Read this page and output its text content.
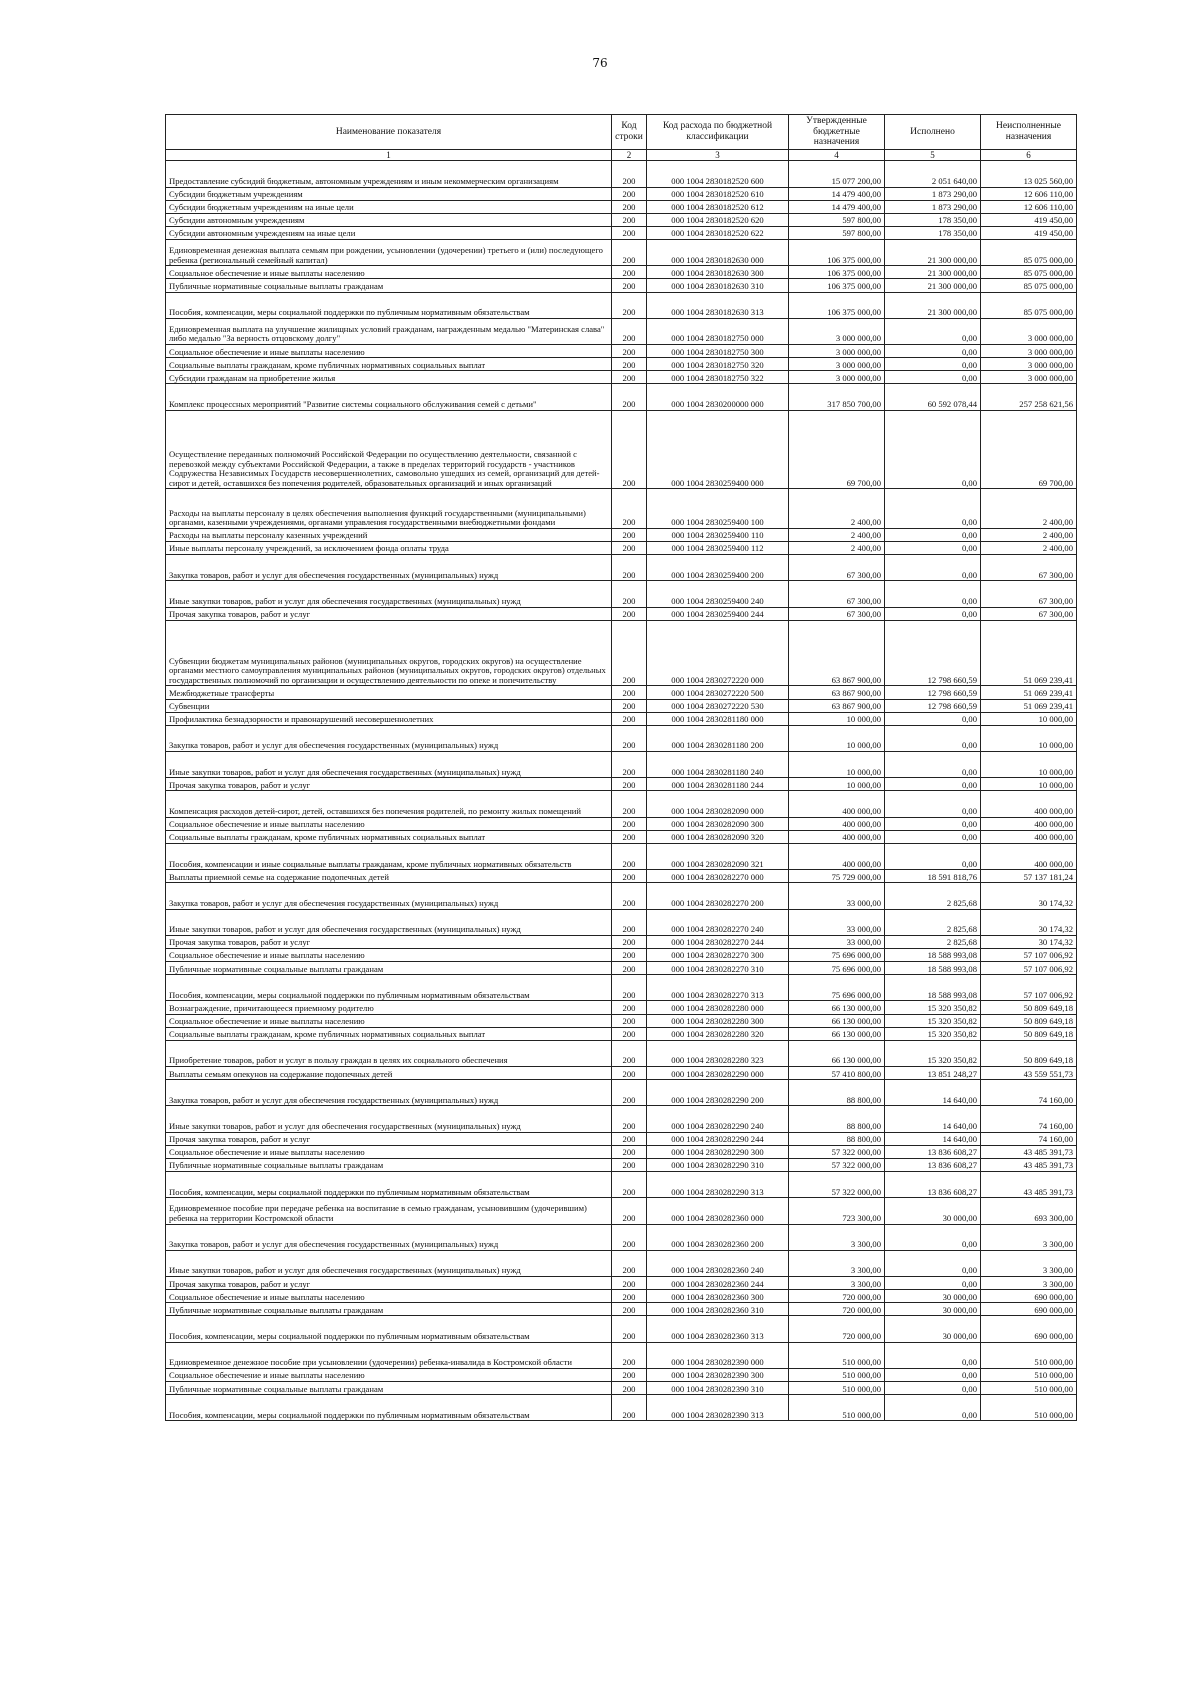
76
Наименование показателя	Код строки	Код расхода по бюджетной классификации	Утвержденные бюджетные назначения	Исполнено	Неисполненные назначения
1	2	3	4	5	6
Предоставление субсидий бюджетным, автономным учреждениям и иным некоммерческим организациям	200	000 1004 2830182520 600	15 077 200,00	2 051 640,00	13 025 560,00
Субсидии бюджетным учреждениям	200	000 1004 2830182520 610	14 479 400,00	1 873 290,00	12 606 110,00
Субсидии бюджетным учреждениям на иные цели	200	000 1004 2830182520 612	14 479 400,00	1 873 290,00	12 606 110,00
Субсидии автономным учреждениям	200	000 1004 2830182520 620	597 800,00	178 350,00	419 450,00
Субсидии автономным учреждениям на иные цели	200	000 1004 2830182520 622	597 800,00	178 350,00	419 450,00
Единовременная денежная выплата семьям при рождении, усыновлении (удочерении) третьего и (или) последующего ребенка (региональный семейный капитал)	200	000 1004 2830182630 000	106 375 000,00	21 300 000,00	85 075 000,00
Социальное обеспечение и иные выплаты населению	200	000 1004 2830182630 300	106 375 000,00	21 300 000,00	85 075 000,00
Публичные нормативные социальные выплаты гражданам	200	000 1004 2830182630 310	106 375 000,00	21 300 000,00	85 075 000,00
Пособия, компенсации, меры социальной поддержки по публичным нормативным обязательствам	200	000 1004 2830182630 313	106 375 000,00	21 300 000,00	85 075 000,00
Единовременная выплата на улучшение жилищных условий гражданам, награжденным медалью "Материнская слава" либо медалью "За верность отцовскому долгу"	200	000 1004 2830182750 000	3 000 000,00	0,00	3 000 000,00
Социальное обеспечение и иные выплаты населению	200	000 1004 2830182750 300	3 000 000,00	0,00	3 000 000,00
Социальные выплаты гражданам, кроме публичных нормативных социальных выплат	200	000 1004 2830182750 320	3 000 000,00	0,00	3 000 000,00
Субсидии гражданам на приобретение жилья	200	000 1004 2830182750 322	3 000 000,00	0,00	3 000 000,00
Комплекс процессных мероприятий "Развитие системы социального обслуживания семей с детьми"	200	000 1004 2830200000 000	317 850 700,00	60 592 078,44	257 258 621,56
Осуществление переданных полномочий Российской Федерации по осуществлению деятельности, связанной с перевозкой между субъектами Российской Федерации, а также в пределах территорий государств - участников Содружества Независимых Государств несовершеннолетних, самовольно ушедших из семей, организаций для детей-сирот и детей, оставшихся без попечения родителей, образовательных организаций и иных организаций	200	000 1004 2830259400 000	69 700,00	0,00	69 700,00
Расходы на выплаты персоналу в целях обеспечения выполнения функций государственными (муниципальными) органами, казенными учреждениями, органами управления государственными внебюджетными фондами	200	000 1004 2830259400 100	2 400,00	0,00	2 400,00
Расходы на выплаты персоналу казенных учреждений	200	000 1004 2830259400 110	2 400,00	0,00	2 400,00
Иные выплаты персоналу учреждений, за исключением фонда оплаты труда	200	000 1004 2830259400 112	2 400,00	0,00	2 400,00
Закупка товаров, работ и услуг для обеспечения государственных (муниципальных) нужд	200	000 1004 2830259400 200	67 300,00	0,00	67 300,00
Иные закупки товаров, работ и услуг для обеспечения государственных (муниципальных) нужд	200	000 1004 2830259400 240	67 300,00	0,00	67 300,00
Прочая закупка товаров, работ и услуг	200	000 1004 2830259400 244	67 300,00	0,00	67 300,00
Субвенции бюджетам муниципальных районов (муниципальных округов, городских округов) на осуществление органами местного самоуправления муниципальных районов (муниципальных округов, городских округов) отдельных государственных полномочий по организации и осуществлению деятельности по опеке и попечительству	200	000 1004 2830272220 000	63 867 900,00	12 798 660,59	51 069 239,41
Межбюджетные трансферты	200	000 1004 2830272220 500	63 867 900,00	12 798 660,59	51 069 239,41
Субвенции	200	000 1004 2830272220 530	63 867 900,00	12 798 660,59	51 069 239,41
Профилактика безнадзорности и правонарушений несовершеннолетних	200	000 1004 2830281180 000	10 000,00	0,00	10 000,00
Закупка товаров, работ и услуг для обеспечения государственных (муниципальных) нужд	200	000 1004 2830281180 200	10 000,00	0,00	10 000,00
Иные закупки товаров, работ и услуг для обеспечения государственных (муниципальных) нужд	200	000 1004 2830281180 240	10 000,00	0,00	10 000,00
Прочая закупка товаров, работ и услуг	200	000 1004 2830281180 244	10 000,00	0,00	10 000,00
Компенсация расходов детей-сирот, детей, оставшихся без попечения родителей, по ремонту жилых помещений	200	000 1004 2830282090 000	400 000,00	0,00	400 000,00
Социальное обеспечение и иные выплаты населению	200	000 1004 2830282090 300	400 000,00	0,00	400 000,00
Социальные выплаты гражданам, кроме публичных нормативных социальных выплат	200	000 1004 2830282090 320	400 000,00	0,00	400 000,00
Пособия, компенсации и иные социальные выплаты гражданам, кроме публичных нормативных обязательств	200	000 1004 2830282090 321	400 000,00	0,00	400 000,00
Выплаты приемной семье на содержание подопечных детей	200	000 1004 2830282270 000	75 729 000,00	18 591 818,76	57 137 181,24
Закупка товаров, работ и услуг для обеспечения государственных (муниципальных) нужд	200	000 1004 2830282270 200	33 000,00	2 825,68	30 174,32
Иные закупки товаров, работ и услуг для обеспечения государственных (муниципальных) нужд	200	000 1004 2830282270 240	33 000,00	2 825,68	30 174,32
Прочая закупка товаров, работ и услуг	200	000 1004 2830282270 244	33 000,00	2 825,68	30 174,32
Социальное обеспечение и иные выплаты населению	200	000 1004 2830282270 300	75 696 000,00	18 588 993,08	57 107 006,92
Публичные нормативные социальные выплаты гражданам	200	000 1004 2830282270 310	75 696 000,00	18 588 993,08	57 107 006,92
Пособия, компенсации, меры социальной поддержки по публичным нормативным обязательствам	200	000 1004 2830282270 313	75 696 000,00	18 588 993,08	57 107 006,92
Вознаграждение, причитающееся приемному родителю	200	000 1004 2830282280 000	66 130 000,00	15 320 350,82	50 809 649,18
Социальное обеспечение и иные выплаты населению	200	000 1004 2830282280 300	66 130 000,00	15 320 350,82	50 809 649,18
Социальные выплаты гражданам, кроме публичных нормативных социальных выплат	200	000 1004 2830282280 320	66 130 000,00	15 320 350,82	50 809 649,18
Приобретение товаров, работ и услуг в пользу граждан в целях их социального обеспечения	200	000 1004 2830282280 323	66 130 000,00	15 320 350,82	50 809 649,18
Выплаты семьям опекунов на содержание подопечных детей	200	000 1004 2830282290 000	57 410 800,00	13 851 248,27	43 559 551,73
Закупка товаров, работ и услуг для обеспечения государственных (муниципальных) нужд	200	000 1004 2830282290 200	88 800,00	14 640,00	74 160,00
Иные закупки товаров, работ и услуг для обеспечения государственных (муниципальных) нужд	200	000 1004 2830282290 240	88 800,00	14 640,00	74 160,00
Прочая закупка товаров, работ и услуг	200	000 1004 2830282290 244	88 800,00	14 640,00	74 160,00
Социальное обеспечение и иные выплаты населению	200	000 1004 2830282290 300	57 322 000,00	13 836 608,27	43 485 391,73
Публичные нормативные социальные выплаты гражданам	200	000 1004 2830282290 310	57 322 000,00	13 836 608,27	43 485 391,73
Пособия, компенсации, меры социальной поддержки по публичным нормативным обязательствам	200	000 1004 2830282290 313	57 322 000,00	13 836 608,27	43 485 391,73
Единовременное пособие при передаче ребенка на воспитание в семью гражданам, усыновившим (удочерившим) ребенка на территории Костромской области	200	000 1004 2830282360 000	723 300,00	30 000,00	693 300,00
Закупка товаров, работ и услуг для обеспечения государственных (муниципальных) нужд	200	000 1004 2830282360 200	3 300,00	0,00	3 300,00
Иные закупки товаров, работ и услуг для обеспечения государственных (муниципальных) нужд	200	000 1004 2830282360 240	3 300,00	0,00	3 300,00
Прочая закупка товаров, работ и услуг	200	000 1004 2830282360 244	3 300,00	0,00	3 300,00
Социальное обеспечение и иные выплаты населению	200	000 1004 2830282360 300	720 000,00	30 000,00	690 000,00
Публичные нормативные социальные выплаты гражданам	200	000 1004 2830282360 310	720 000,00	30 000,00	690 000,00
Пособия, компенсации, меры социальной поддержки по публичным нормативным обязательствам	200	000 1004 2830282360 313	720 000,00	30 000,00	690 000,00
Единовременное денежное пособие при усыновлении (удочерении) ребенка-инвалида в Костромской области	200	000 1004 2830282390 000	510 000,00	0,00	510 000,00
Социальное обеспечение и иные выплаты населению	200	000 1004 2830282390 300	510 000,00	0,00	510 000,00
Публичные нормативные социальные выплаты гражданам	200	000 1004 2830282390 310	510 000,00	0,00	510 000,00
Пособия, компенсации, меры социальной поддержки по публичным нормативным обязательствам	200	000 1004 2830282390 313	510 000,00	0,00	510 000,00
